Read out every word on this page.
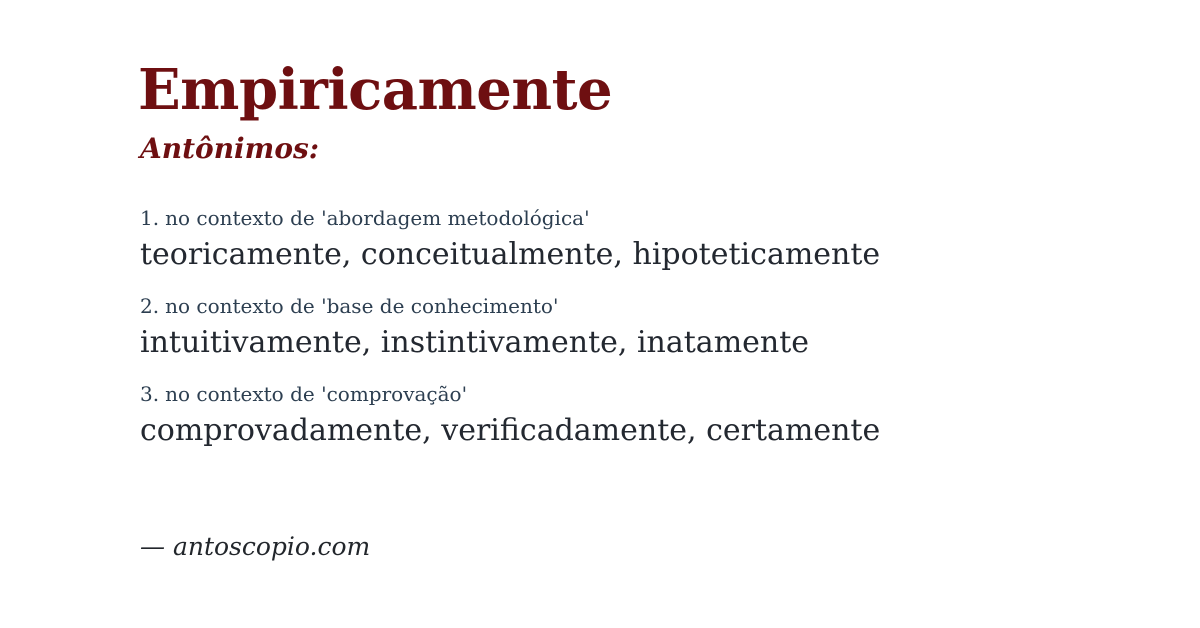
Empiricamente
Antônimos:
1. no contexto de 'abordagem metodológica'
teoricamente, conceitualmente, hipoteticamente
2. no contexto de 'base de conhecimento'
intuitivamente, instintivamente, inatamente
3. no contexto de 'comprovação'
comprovadamente, verificadamente, certamente
— antoscopio.com
